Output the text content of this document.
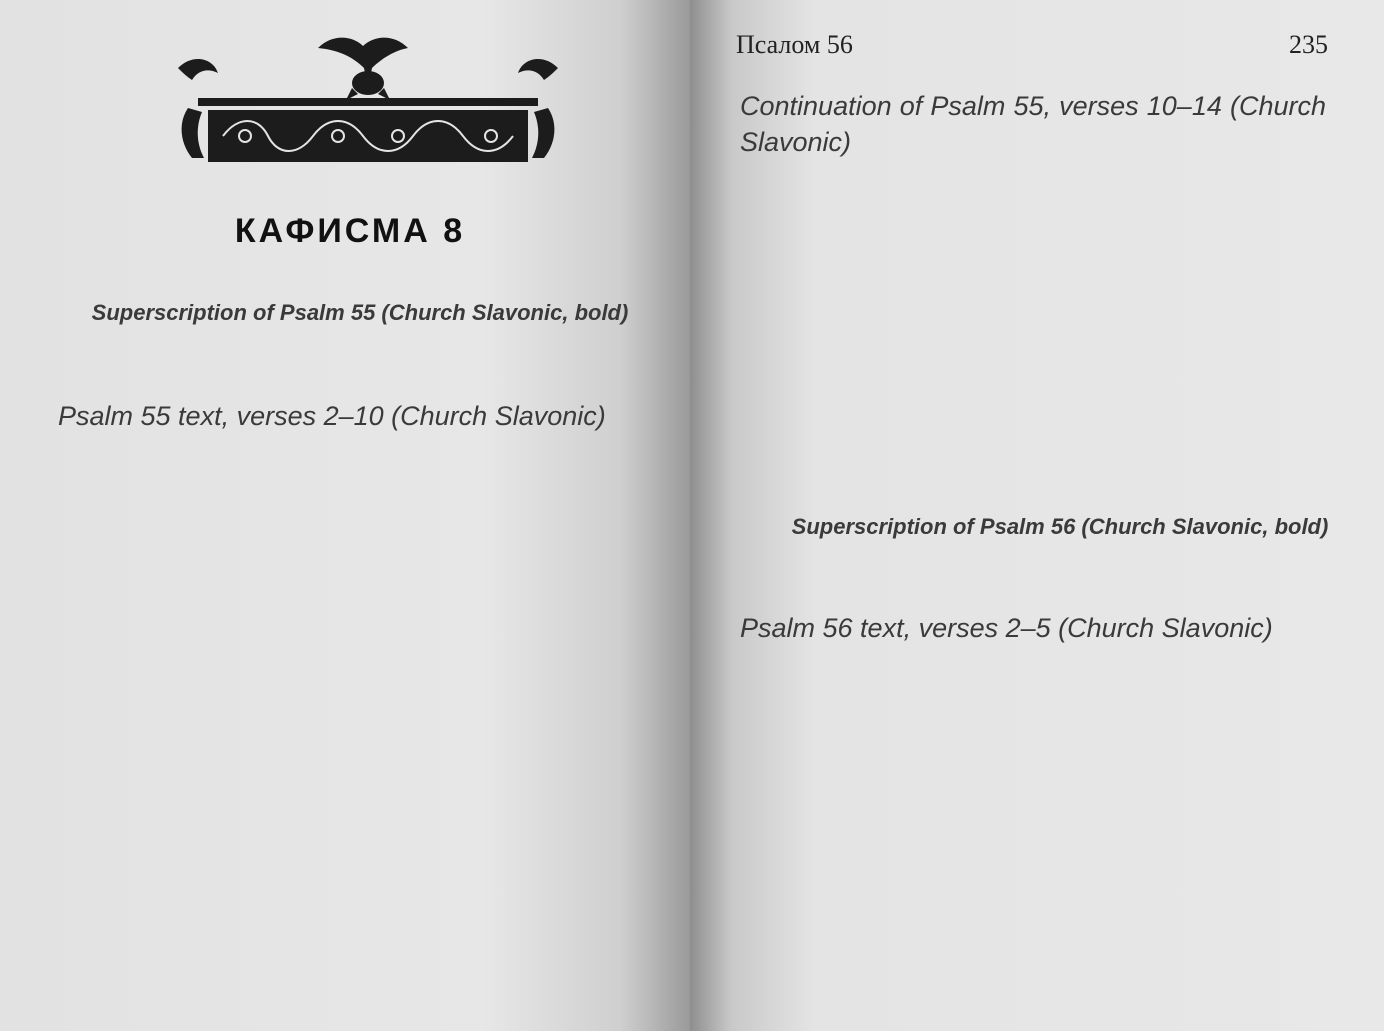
КАФИСМА 8

Superscription of Psalm 55 (Church Slavonic, bold)

Psalm 55 text, verses 2–10 (Church Slavonic)

Псалом 56	235

Continuation of Psalm 55, verses 10–14 (Church Slavonic)

Superscription of Psalm 56 (Church Slavonic, bold)

Psalm 56 text, verses 2–5 (Church Slavonic)
